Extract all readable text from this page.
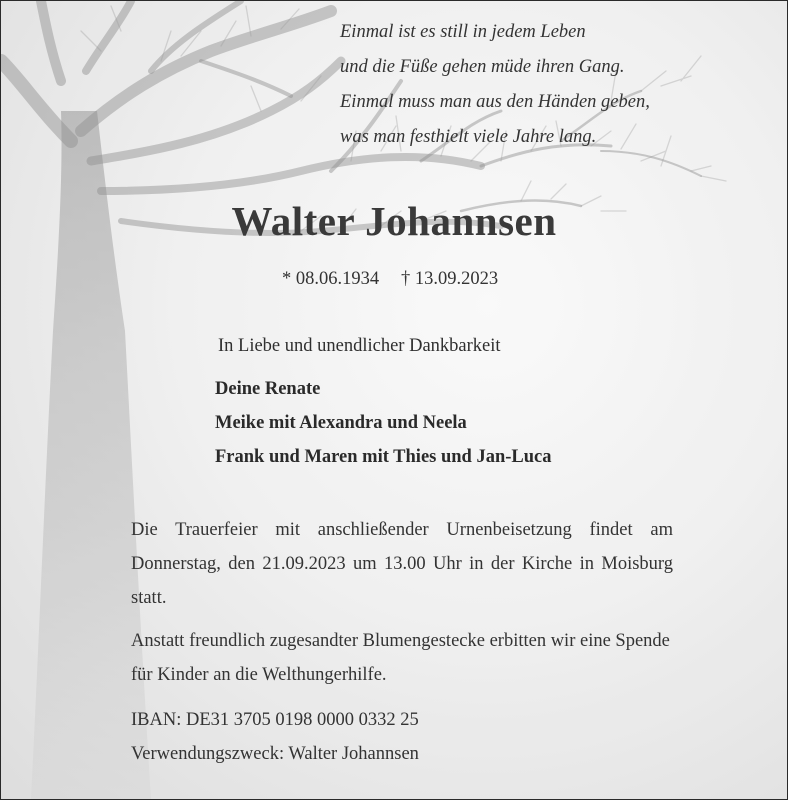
Einmal ist es still in jedem Leben
und die Füße gehen müde ihren Gang.
Einmal muss man aus den Händen geben,
was man festhielt viele Jahre lang.
Walter Johannsen
* 08.06.1934 † 13.09.2023
In Liebe und unendlicher Dankbarkeit
Deine Renate
Meike mit Alexandra und Neela
Frank und Maren mit Thies und Jan-Luca
Die Trauerfeier mit anschließender Urnenbeisetzung findet am Donnerstag, den 21.09.2023 um 13.00 Uhr in der Kirche in Moisburg statt.
Anstatt freundlich zugesandter Blumengestecke erbitten wir eine Spende für Kinder an die Welthungerhilfe.
IBAN: DE31 3705 0198 0000 0332 25
Verwendungszweck: Walter Johannsen
